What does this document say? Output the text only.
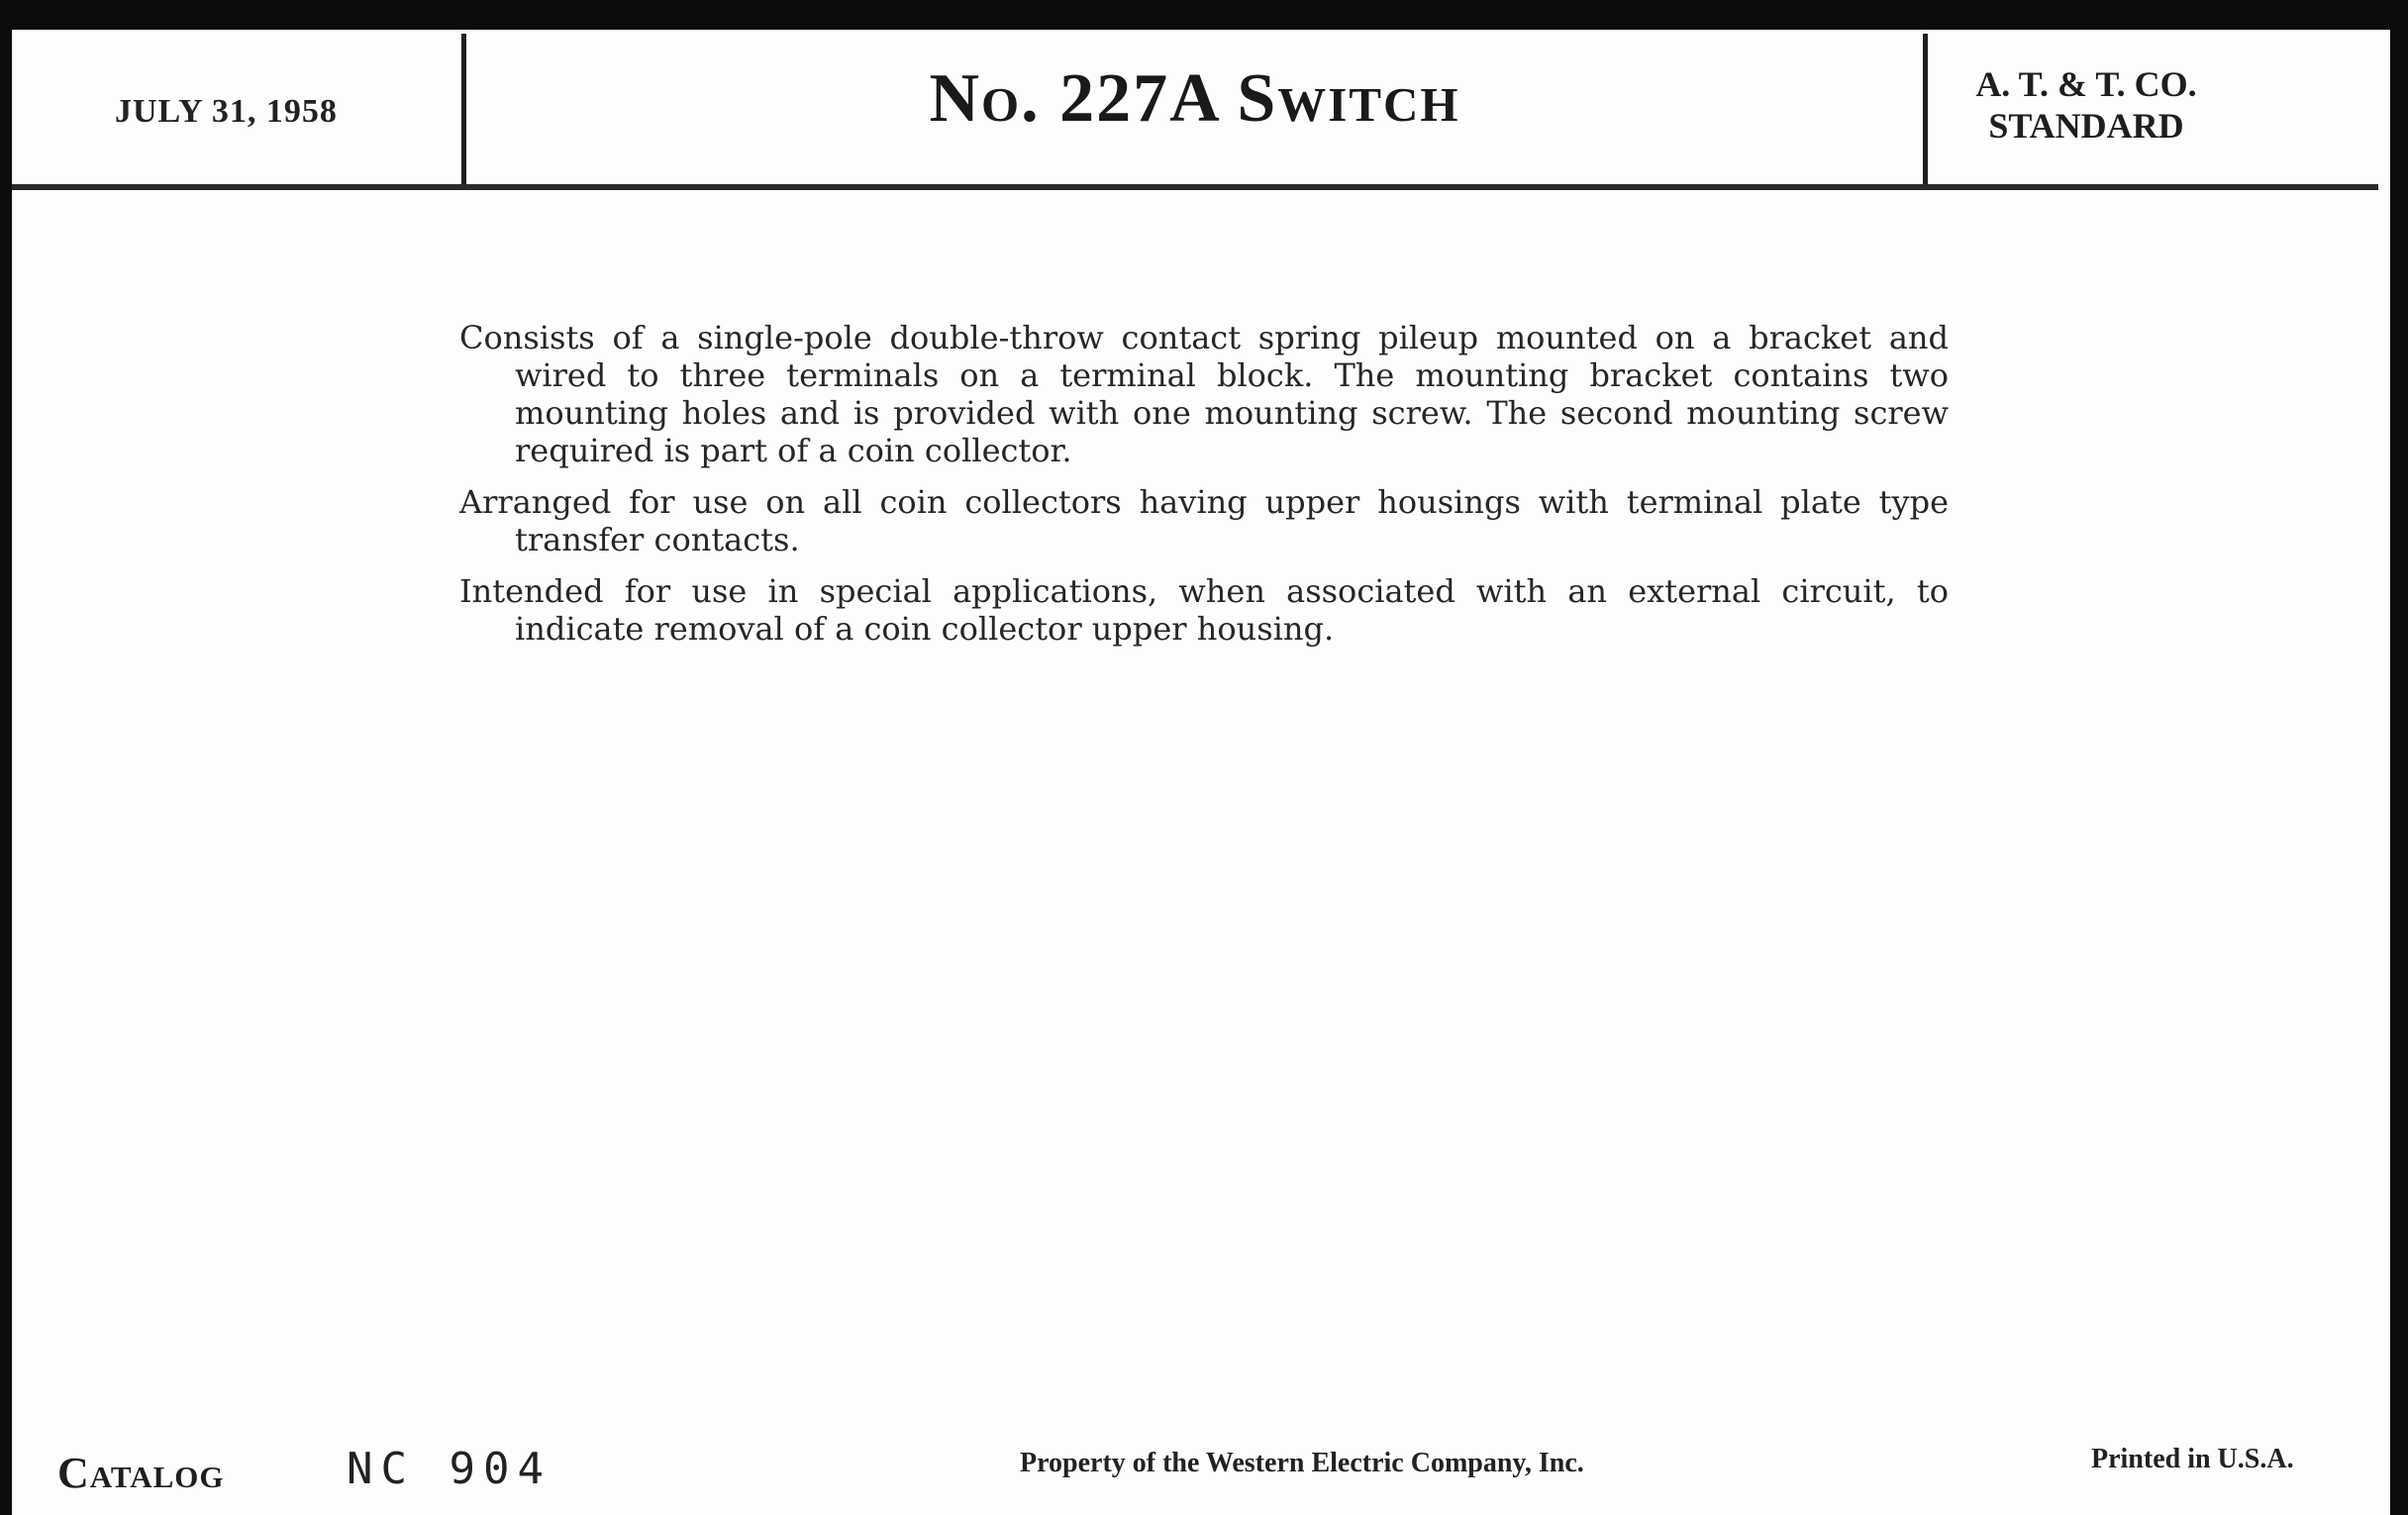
JULY 31, 1958	No. 227A Switch	A. T. & T. CO.
STANDARD

Consists of a single-pole double-throw contact spring pileup mounted on a bracket and wired to three terminals on a terminal block. The mounting bracket contains two mounting holes and is provided with one mounting screw. The second mounting screw required is part of a coin collector.

Arranged for use on all coin collectors having upper housings with terminal plate type transfer contacts.

Intended for use in special applications, when associated with an external circuit, to indicate removal of a coin collector upper housing.

Catalog	NC 904	Property of the Western Electric Company, Inc.	Printed in U.S.A.
